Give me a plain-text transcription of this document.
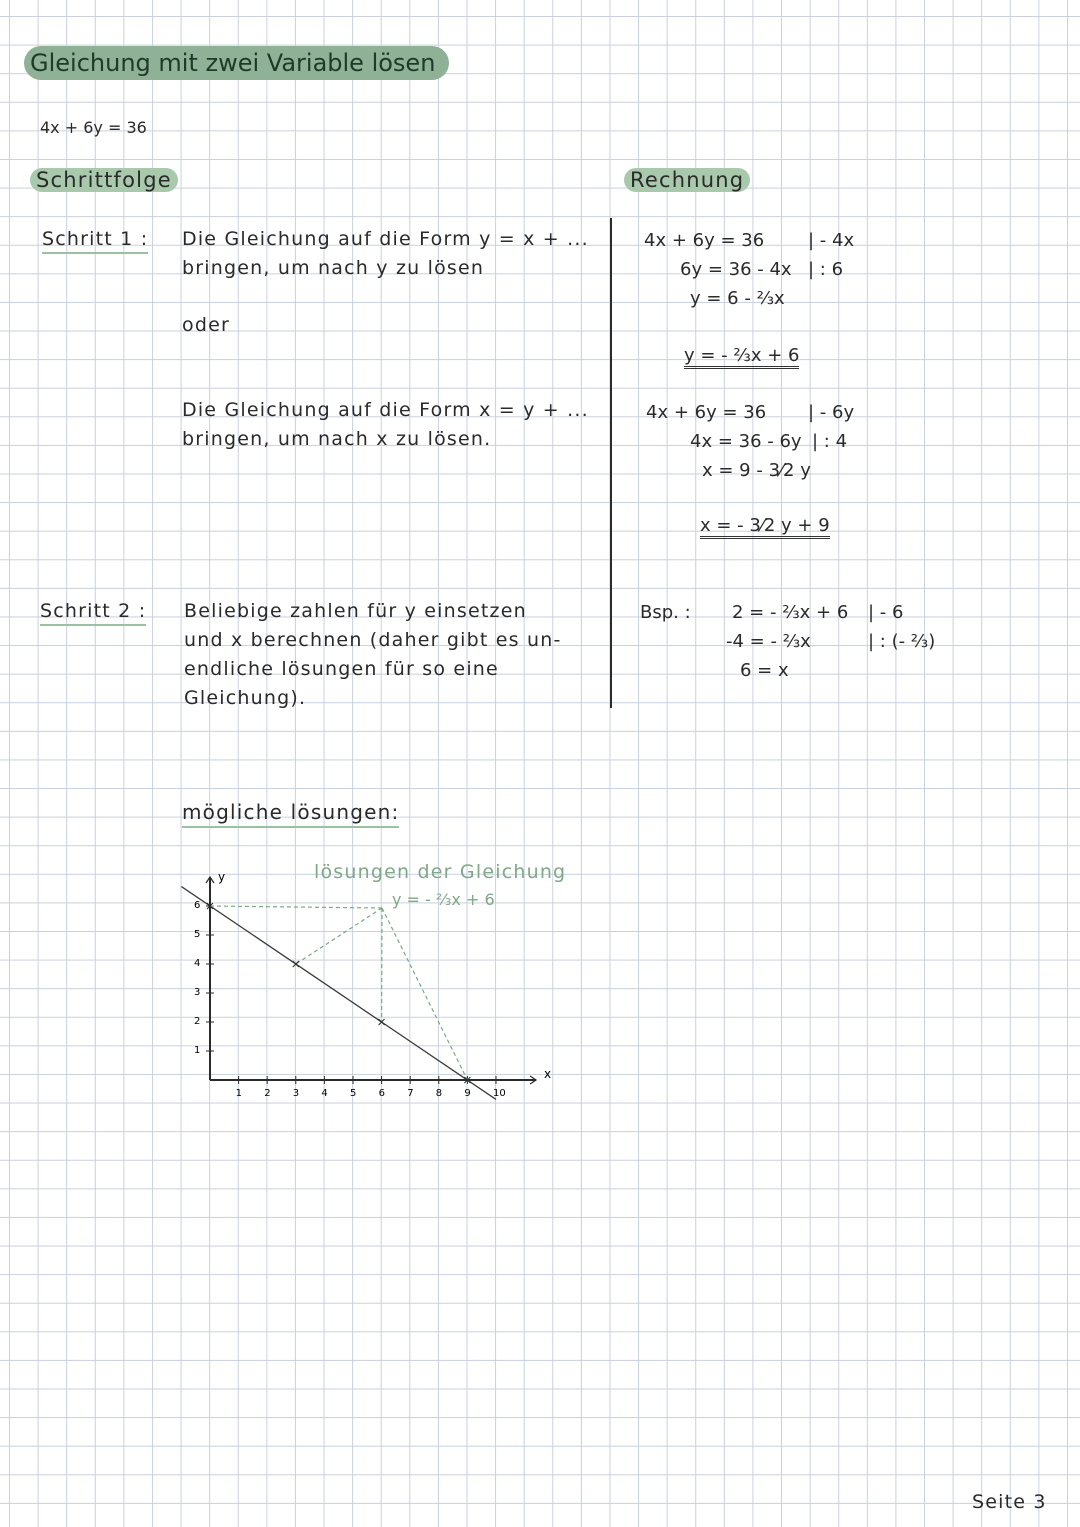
Gleichung mit zwei Variable lösen
4x + 6y = 36
Schrittfolge	Rechnung
Schritt 1 : Die Gleichung auf die Form y = x + ...
bringen, um nach y zu lösen
oder
Die Gleichung auf die Form x = y + ...
bringen, um nach x zu lösen.
Schritt 2 : Beliebige zahlen für y einsetzen
und x berechnen (daher gibt es un-
endliche lösungen für so eine
Gleichung).
4x + 6y = 36 | - 4x
6y = 36 - 4x | : 6
y = 6 - ⅔x
y = - ⅔x + 6
4x + 6y = 36 | - 6y
4x = 36 - 6y | : 4
x = 9 - 3⁄2 y
x = - 3⁄2 y + 9
Bsp. : 2 = - ⅔x + 6 | - 6
-4 = - ⅔x	| : (- ⅔)
6 = x
mögliche lösungen:
lösungen der Gleichung
y = - ⅔x + 6
x
y
1 2 3 4 5 6 7 8 9 10
1
2
3
4
5
6
Seite 3
